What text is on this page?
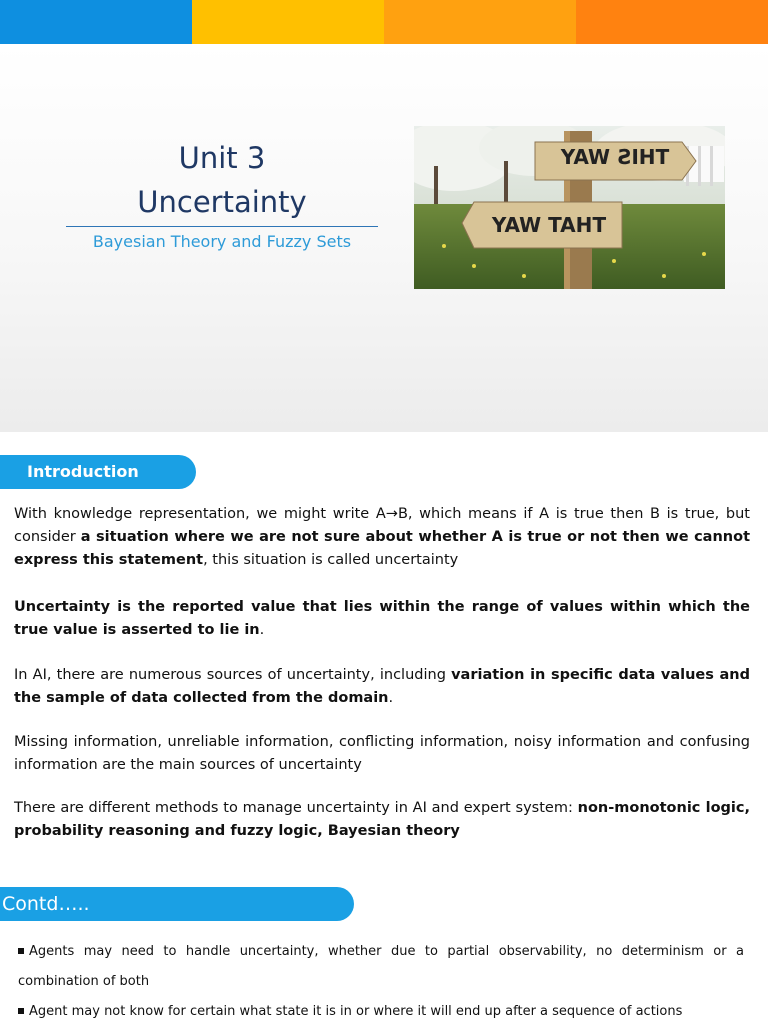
Unit 3
Uncertainty
Bayesian Theory and Fuzzy Sets
THIS WAY
THAT WAY
Introduction
With knowledge representation, we might write A→B, which means if A is true then B is true, but consider a situation where we are not sure about whether A is true or not then we cannot express this statement, this situation is called uncertainty
Uncertainty is the reported value that lies within the range of values within which the true value is asserted to lie in.
In AI, there are numerous sources of uncertainty, including variation in specific data values and the sample of data collected from the domain.
Missing information, unreliable information, conflicting information, noisy information and confusing information are the main sources of uncertainty
There are different methods to manage uncertainty in AI and expert system: non-monotonic logic, probability reasoning and fuzzy logic, Bayesian theory
Contd…..
Agents may need to handle uncertainty, whether due to partial observability, no determinism or a combination of both
Agent may not know for certain what state it is in or where it will end up after a sequence of actions
